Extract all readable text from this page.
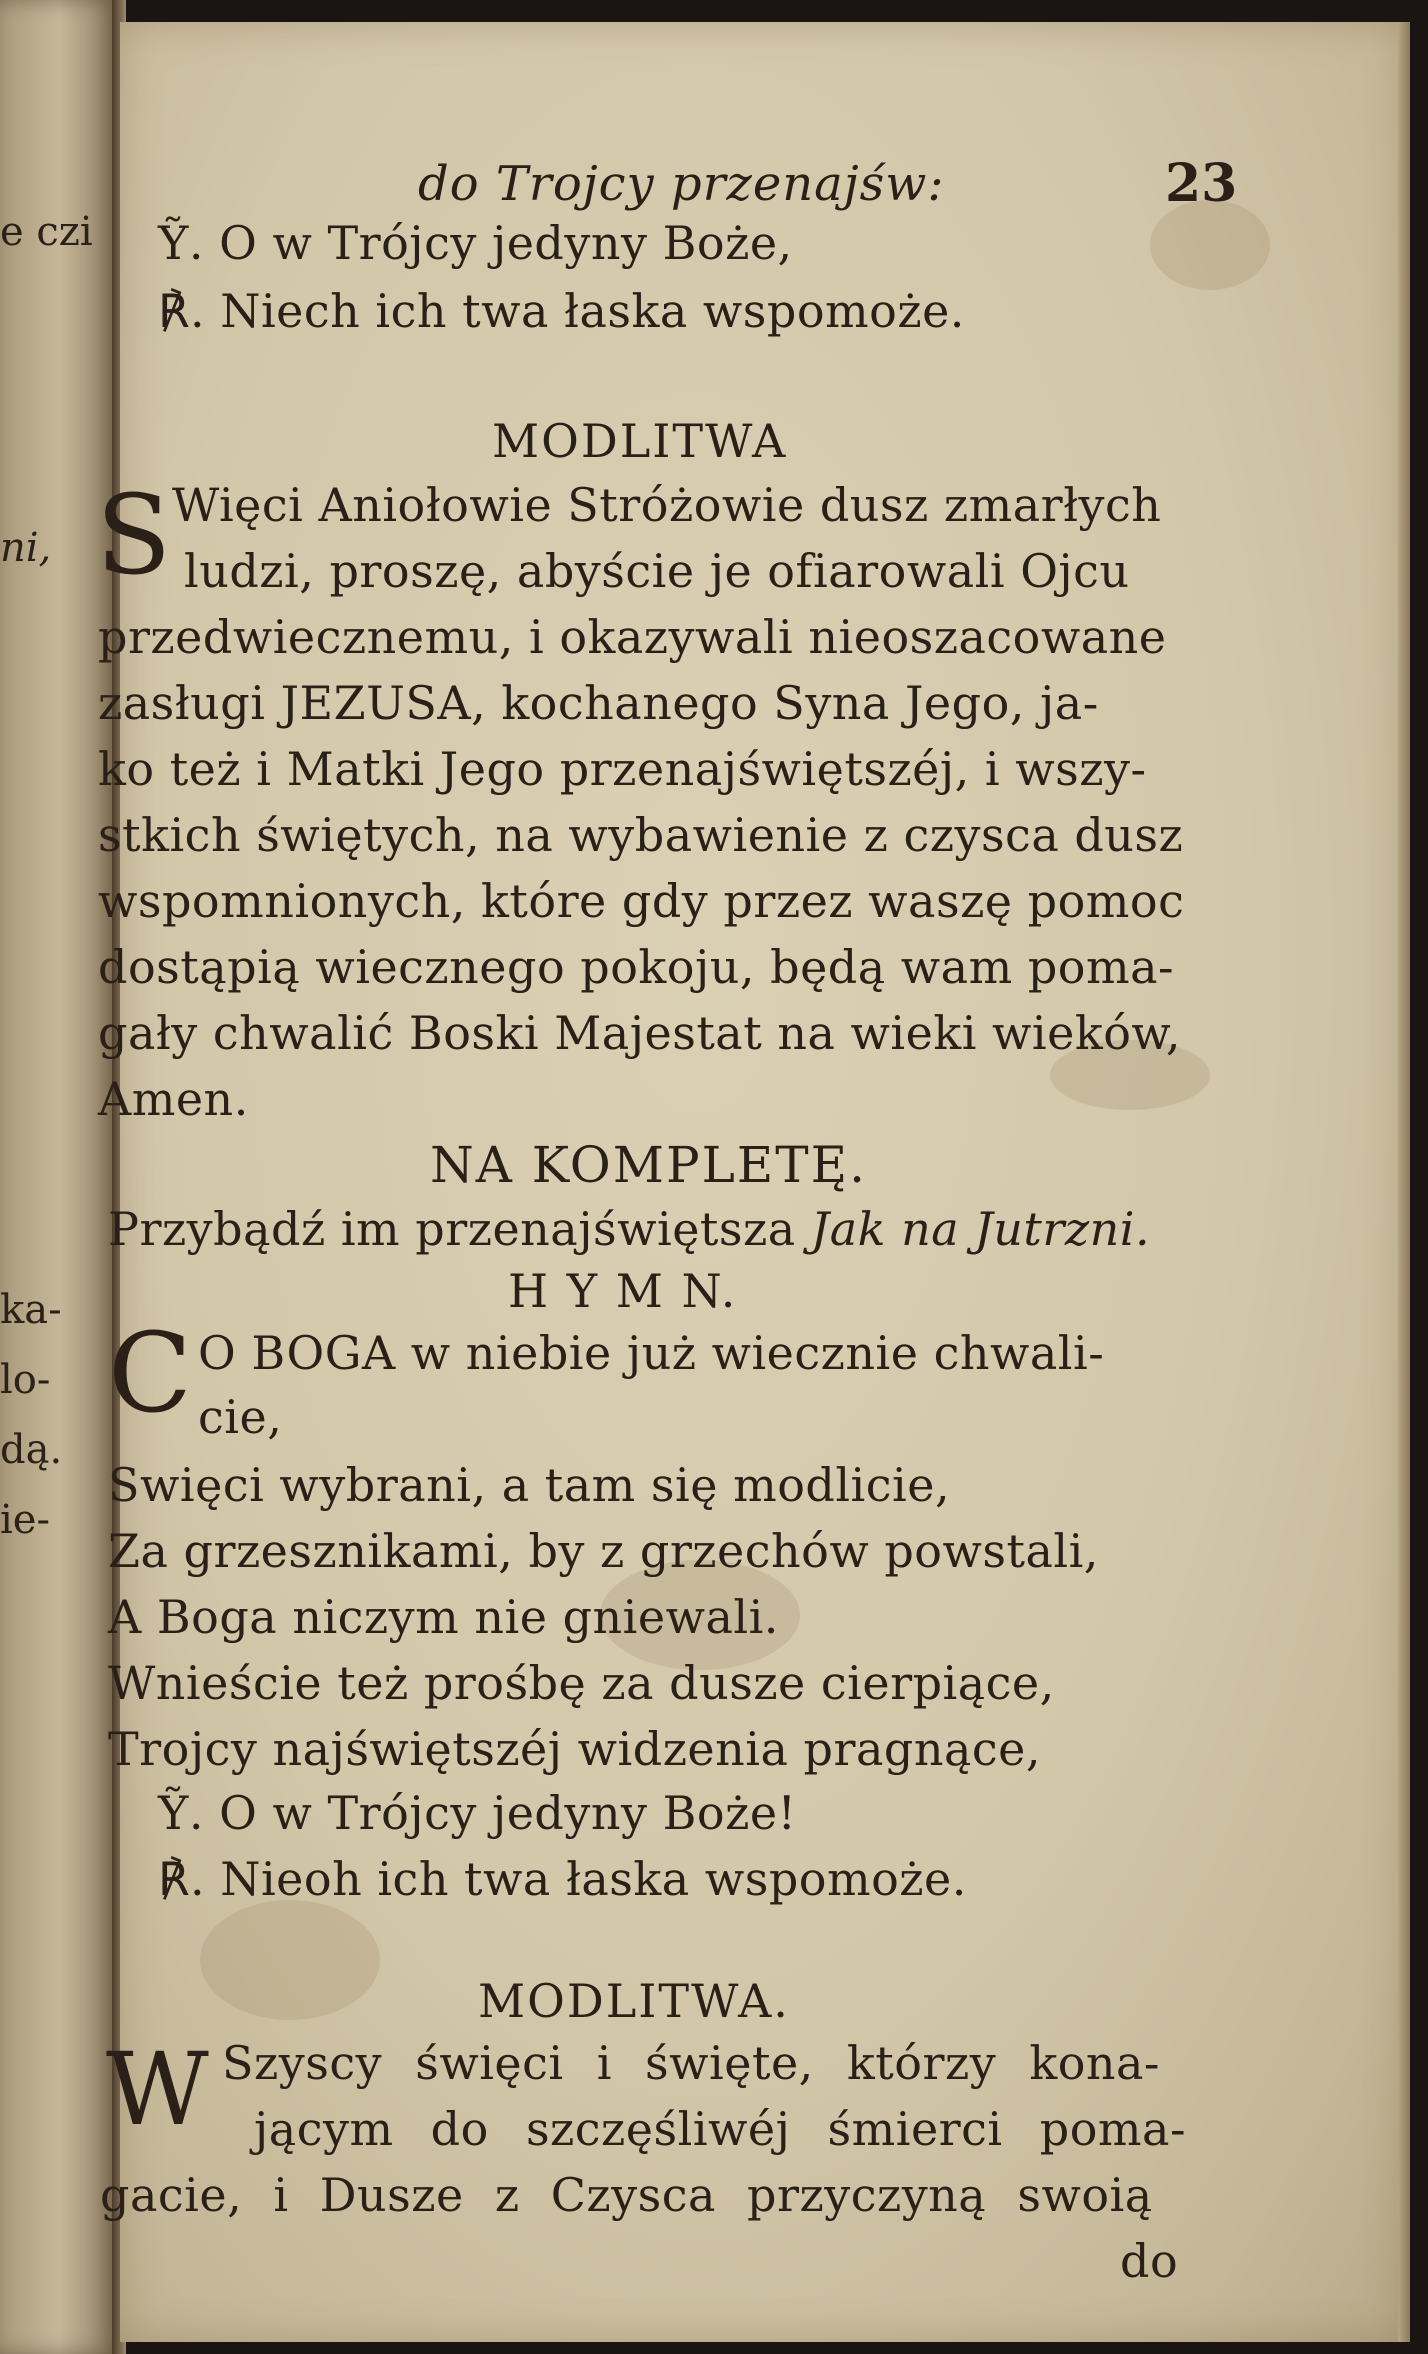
e czi
ni,
ka-
lo-
dą.
ie-
do Trojcy przenajśw:	23
Ỹ. O w Trójcy jedyny Boże,
℟. Niech ich twa łaska wspomoże.
MODLITWA
S Więci Aniołowie Stróżowie dusz zmarłych
ludzi, proszę, abyście je ofiarowali Ojcu
przedwiecznemu, i okazywali nieoszacowane
zasługi JEZUSA, kochanego Syna Jego, ja-
ko też i Matki Jego przenajświętszéj, i wszy-
stkich świętych, na wybawienie z czysca dusz
wspomnionych, które gdy przez waszę pomoc
dostąpią wiecznego pokoju, będą wam poma-
gały chwalić Boski Majestat na wieki wieków,
Amen.
NA KOMPLETĘ.
Przybądź im przenajświętsza Jak na Jutrzni.
H Y M N.
C O BOGA w niebie już wiecznie chwali-
cie,
Swięci wybrani, a tam się modlicie,
Za grzesznikami, by z grzechów powstali,
A Boga niczym nie gniewali.
Wnieście też prośbę za dusze cierpiące,
Trojcy najświętszéj widzenia pragnące,
Ỹ. O w Trójcy jedyny Boże!
℟. Nieoh ich twa łaska wspomoże.
MODLITWA.
W Szyscy święci i święte, którzy kona-
jącym do szczęśliwéj śmierci poma-
gacie, i Dusze z Czysca przyczyną swoią
do
